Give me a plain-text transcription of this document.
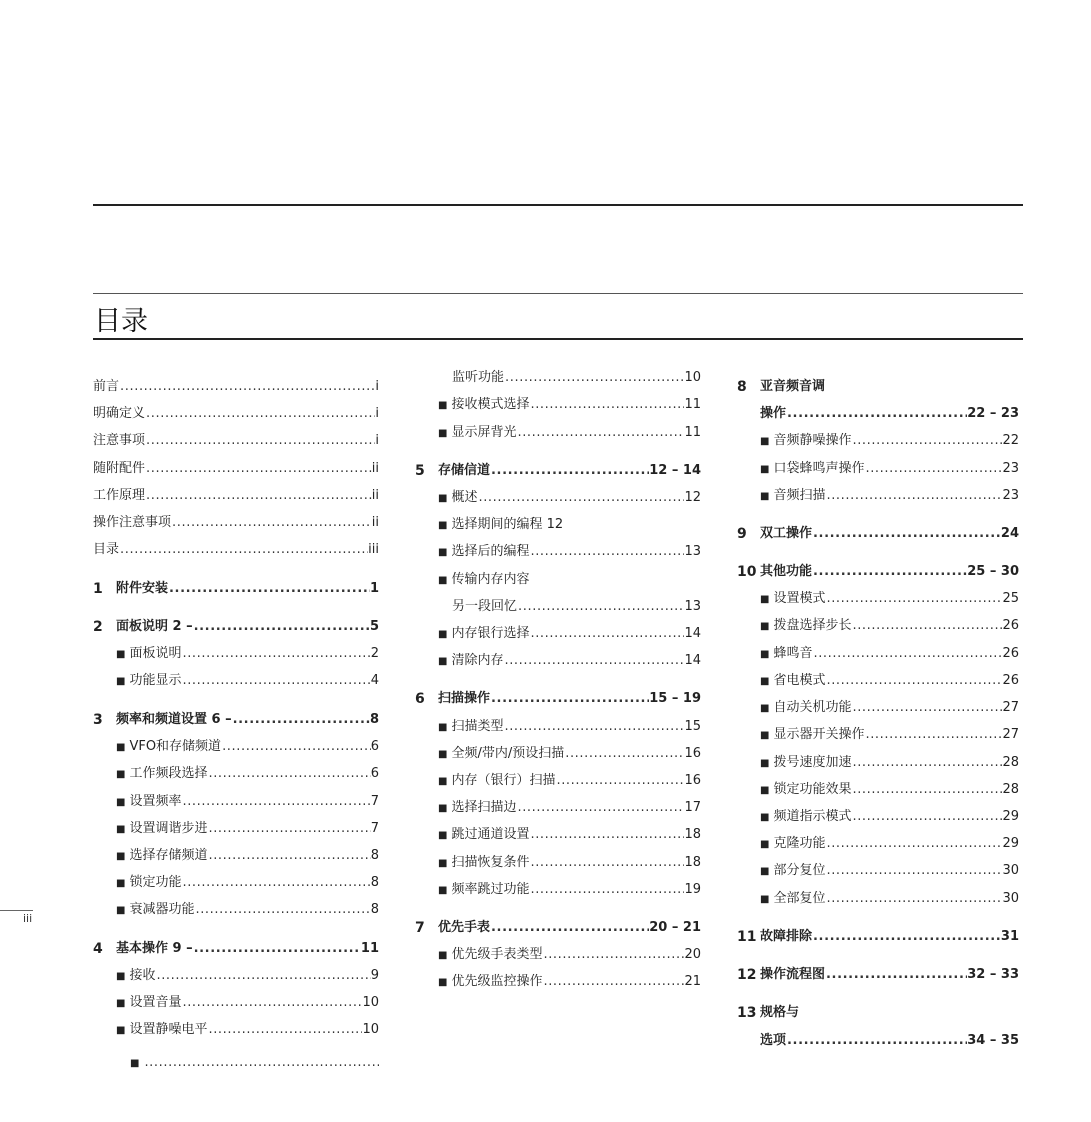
目录
iii
前言 .....	i
明确定义 .....	i
注意事项 .....	i
随附配件 .....	ii
工作原理 .....	ii
操作注意事项 .....	ii
目录 .....	iii
1 附件安装 .....	1
2 面板说明 2 – .....	5
■ 面板说明 .....	2
■ 功能显示 .....	4
3 频率和频道设置 6 – .....	8
■ VFO和存储频道 .....	6
■ 工作频段选择 .....	6
■ 设置频率 .....	7
■ 设置调谐步进 .....	7
■ 选择存储频道 .....	8
■ 锁定功能 .....	8
■ 衰减器功能 .....	8
4 基本操作 9 – .....	11
■ 接收 .....	9
■ 设置音量 .....	10
■ 设置静噪电平 .....	10
■
.....
监听功能 .....	10
■ 接收模式选择 .....	11
■ 显示屏背光 .....	11
5 存储信道 .....	12 – 14
■ 概述 .....	12
■ 选择期间的编程 12
■ 选择后的编程 .....	13
■ 传输内存内容
另一段回忆 .....	13
■ 内存银行选择 .....	14
■ 清除内存 .....	14
6 扫描操作 .....	15 – 19
■ 扫描类型 .....	15
■ 全频/带内/预设扫描 .....	16
■ 内存（银行）扫描 .....	16
■ 选择扫描边 .....	17
■ 跳过通道设置 .....	18
■ 扫描恢复条件 .....	18
■ 频率跳过功能 .....	19
7 优先手表 .....	20 – 21
■ 优先级手表类型 .....	20
■ 优先级监控操作 .....	21
8 亚音频音调
操作 .....	22 – 23
■ 音频静噪操作 .....	22
■ 口袋蜂鸣声操作 .....	23
■ 音频扫描 .....	23
9 双工操作 .....	24
10 其他功能 .....	25 – 30
■ 设置模式 .....	25
■ 拨盘选择步长 .....	26
■ 蜂鸣音 .....	26
■ 省电模式 .....	26
■ 自动关机功能 .....	27
■ 显示器开关操作 .....	27
■ 拨号速度加速 .....	28
■ 锁定功能效果 .....	28
■ 频道指示模式 .....	29
■ 克隆功能 .....	29
■ 部分复位 .....	30
■ 全部复位 .....	30
11 故障排除 .....	31
12 操作流程图 .....	32 – 33
13 规格与
选项 .....	34 – 35
